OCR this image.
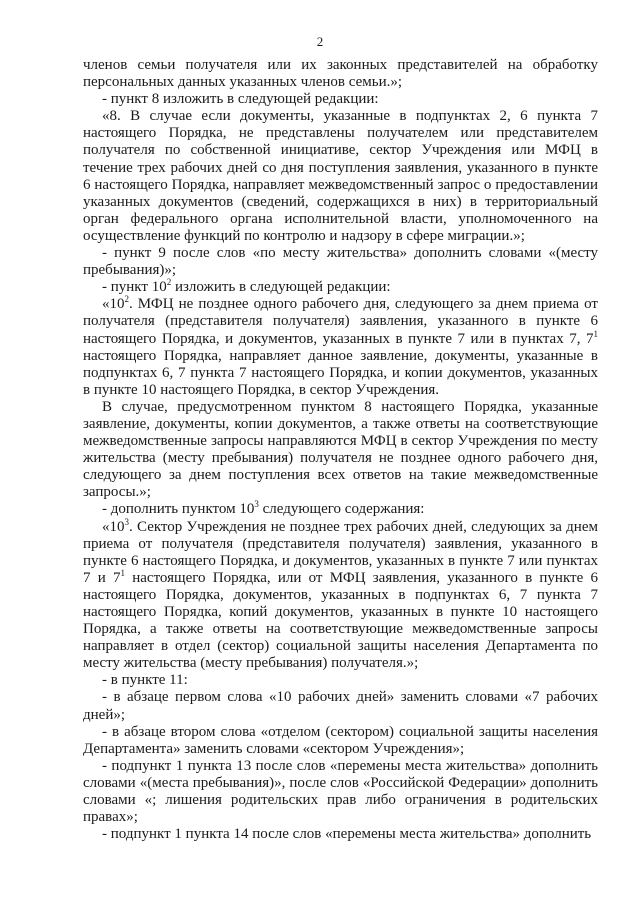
2

членов семьи получателя или их законных представителей на обработку персональных данных указанных членов семьи.»;

- пункт 8 изложить в следующей редакции:

«8. В случае если документы, указанные в подпунктах 2, 6 пункта 7 настоящего Порядка, не представлены получателем или представителем получателя по собственной инициативе, сектор Учреждения или МФЦ в течение трех рабочих дней со дня поступления заявления, указанного в пункте 6 настоящего Порядка, направляет межведомственный запрос о предоставлении указанных документов (сведений, содержащихся в них) в территориальный орган федерального органа исполнительной власти, уполномоченного на осуществление функций по контролю и надзору в сфере миграции.»;

- пункт 9 после слов «по месту жительства» дополнить словами «(месту пребывания)»;

- пункт $10^2$ изложить в следующей редакции:

«$10^2$. МФЦ не позднее одного рабочего дня, следующего за днем приема от получателя (представителя получателя) заявления, указанного в пункте 6 настоящего Порядка, и документов, указанных в пункте 7 или в пунктах 7, $7^1$ настоящего Порядка, направляет данное заявление, документы, указанные в подпунктах 6, 7 пункта 7 настоящего Порядка, и копии документов, указанных в пункте 10 настоящего Порядка, в сектор Учреждения.

В случае, предусмотренном пунктом 8 настоящего Порядка, указанные заявление, документы, копии документов, а также ответы на соответствующие межведомственные запросы направляются МФЦ в сектор Учреждения по месту жительства (месту пребывания) получателя не позднее одного рабочего дня, следующего за днем поступления всех ответов на такие межведомственные запросы.»;

- дополнить пунктом $10^3$ следующего содержания:

«$10^3$. Сектор Учреждения не позднее трех рабочих дней, следующих за днем приема от получателя (представителя получателя) заявления, указанного в пункте 6 настоящего Порядка, и документов, указанных в пункте 7 или пунктах 7 и $7^1$ настоящего Порядка, или от МФЦ заявления, указанного в пункте 6 настоящего Порядка, документов, указанных в подпунктах 6, 7 пункта 7 настоящего Порядка, копий документов, указанных в пункте 10 настоящего Порядка, а также ответы на соответствующие межведомственные запросы направляет в отдел (сектор) социальной защиты населения Департамента по месту жительства (месту пребывания) получателя.»;

- в пункте 11:

- в абзаце первом слова «10 рабочих дней» заменить словами «7 рабочих дней»;

- в абзаце втором слова «отделом (сектором) социальной защиты населения Департамента» заменить словами «сектором Учреждения»;

- подпункт 1 пункта 13 после слов «перемены места жительства» дополнить словами «(места пребывания)», после слов «Российской Федерации» дополнить словами «; лишения родительских прав либо ограничения в родительских правах»;

- подпункт 1 пункта 14 после слов «перемены места жительства» дополнить
